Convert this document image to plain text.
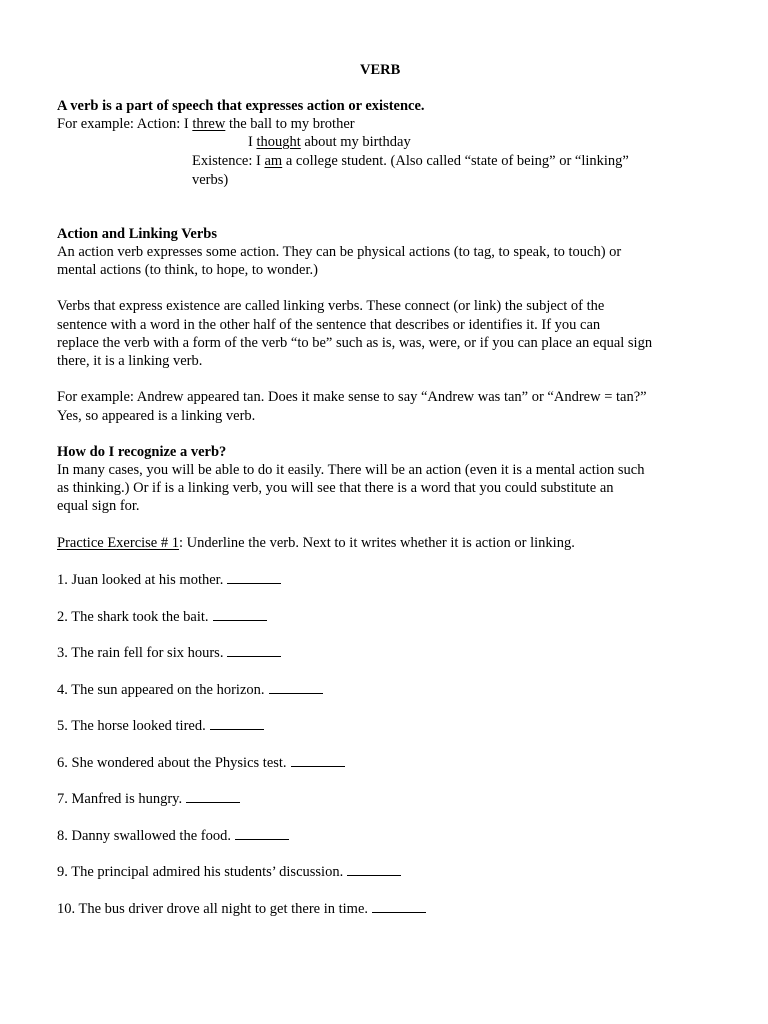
VERB
A verb is a part of speech that expresses action or existence.
For example: Action: I threw the ball to my brother
I thought about my birthday
Existence: I am a college student. (Also called “state of being” or “linking”
verbs)
Action and Linking Verbs
An action verb expresses some action. They can be physical actions (to tag, to speak, to touch) or
mental actions (to think, to hope, to wonder.)
Verbs that express existence are called linking verbs. These connect (or link) the subject of the
sentence with a word in the other half of the sentence that describes or identifies it. If you can
replace the verb with a form of the verb “to be” such as is, was, were, or if you can place an equal sign
there, it is a linking verb.
For example: Andrew appeared tan. Does it make sense to say “Andrew was tan” or “Andrew = tan?”
Yes, so appeared is a linking verb.
How do I recognize a verb?
In many cases, you will be able to do it easily. There will be an action (even it is a mental action such
as thinking.) Or if is a linking verb, you will see that there is a word that you could substitute an
equal sign for.
Practice Exercise # 1: Underline the verb. Next to it writes whether it is action or linking.
1. Juan looked at his mother.
2. The shark took the bait.
3. The rain fell for six hours.
4. The sun appeared on the horizon.
5. The horse looked tired.
6. She wondered about the Physics test.
7. Manfred is hungry.
8. Danny swallowed the food.
9. The principal admired his students’ discussion.
10. The bus driver drove all night to get there in time.
